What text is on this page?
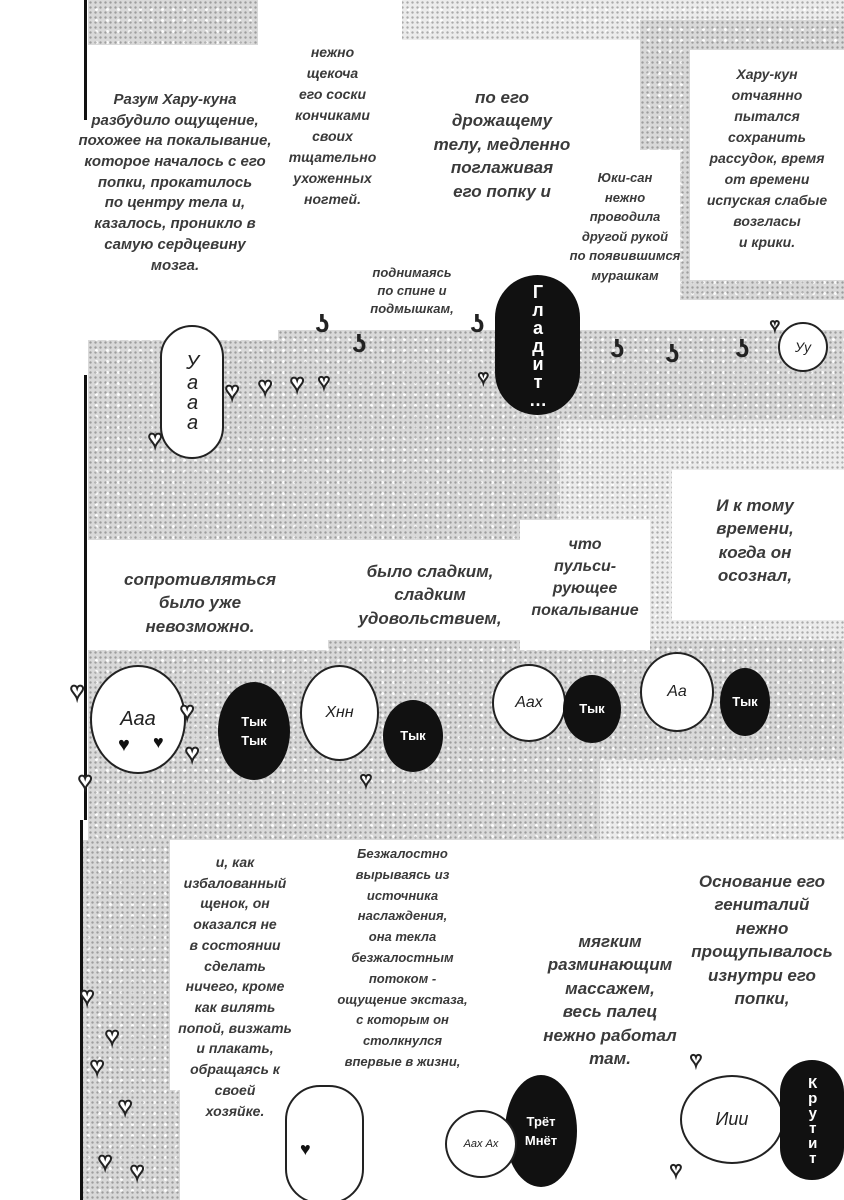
Разум Хару-куна
разбудило ощущение,
похожее на покалывание,
которое началось с его
попки, прокатилось
по центру тела и,
казалось, проникло в
самую сердцевину
мозга.
нежно
щекоча
его соски
кончиками
своих
тщательно
ухоженных
ногтей.
по его
дрожащему
телу, медленно
поглаживая
его попку и
Юки-сан
нежно
проводила
другой рукой
по появившимся
мурашкам
Хару-кун
отчаянно
пытался
сохранить
рассудок, время
от времени
испуская слабые
возгласы
и крики.
поднимаясь
по спине и
подмышкам,
И к тому
времени,
когда он
осознал,
что
пульси-
рующее
покалывание
было сладким,
сладким
удовольствием,
сопротивляться
было уже
невозможно.
и, как
избалованный
щенок, он
оказался не
в состоянии
сделать
ничего, кроме
как вилять
попой, визжать
и плакать,
обращаясь к
своей
хозяйке.
Безжалостно
вырываясь из
источника
наслаждения,
она текла
безжалостным
потоком -
ощущение экстаза,
с которым он
столкнулся
впервые в жизни,
мягким
разминающим
массажем,
весь палец
нежно работал
там.
Основание его
гениталий
нежно
прощупывалось
изнутри его
попки,
Уааа	Гладит…	Уу
Ааа	Тык
Тык
Хнн
Тык
Аах	Тык
Аа
Тык
Трёт
Мнёт
Аах Ах
Иии	Крутит
♥ ♥ ♥
♥
♥	♥
♥
♥
♥
♥
♥
♥
♥ ♥
♥
♥
♥
♥
♥ ♥
♥
♥
♥
ʖ
ʖ
ʖ
ʖ ʖ ʖ
